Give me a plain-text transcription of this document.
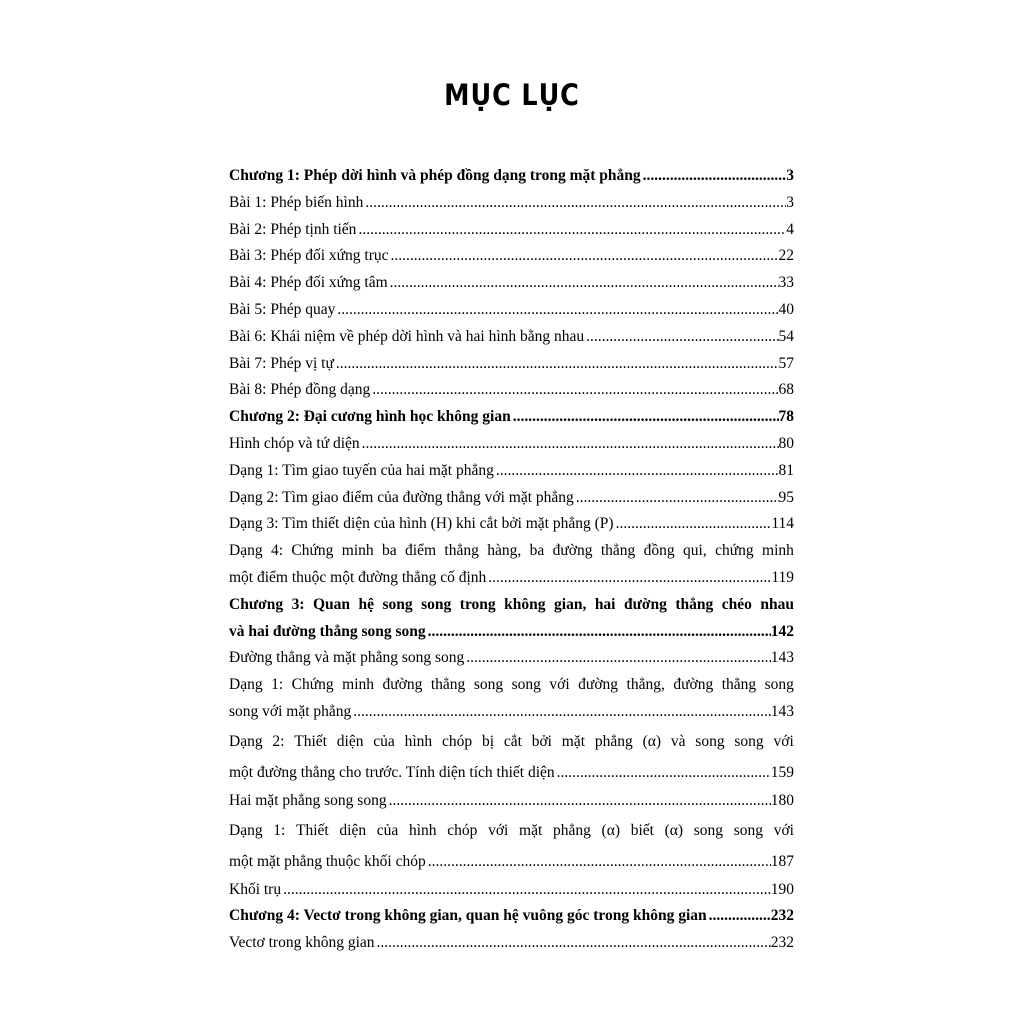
MỤC LỤC
Chương 1: Phép dời hình và phép đồng dạng trong mặt phẳng .....	3
Bài 1: Phép biến hình .....	3
Bài 2: Phép tịnh tiến .....	4
Bài 3: Phép đối xứng trục .....	22
Bài 4: Phép đối xứng tâm .....	33
Bài 5: Phép quay .....	40
Bài 6: Khái niệm về phép dời hình và hai hình bằng nhau .....	54
Bài 7: Phép vị tự .....	57
Bài 8: Phép đồng dạng .....	68
Chương 2: Đại cương hình học không gian .....	78
Hình chóp và tứ diện .....	80
Dạng 1: Tìm giao tuyến của hai mặt phẳng .....	81
Dạng 2: Tìm giao điểm của đường thẳng với mặt phẳng .....	95
Dạng 3: Tìm thiết diện của hình (H) khi cắt bởi mặt phẳng (P) .....	114
Dạng 4: Chứng minh ba điểm thẳng hàng, ba đường thẳng đồng qui, chứng minh
một điểm thuộc một đường thẳng cố định .....	119
Chương 3: Quan hệ song song trong không gian, hai đường thẳng chéo nhau
và hai đường thẳng song song .....	142
Đường thẳng và mặt phẳng song song .....	143
Dạng 1: Chứng minh đường thẳng song song với đường thẳng, đường thẳng song
song với mặt phẳng .....	143
Dạng 2: Thiết diện của hình chóp bị cắt bởi mặt phẳng (α) và song song với
một đường thẳng cho trước. Tính diện tích thiết diện .....	159
Hai mặt phẳng song song .....	180
Dạng 1: Thiết diện của hình chóp với mặt phẳng (α) biết (α) song song với
một mặt phẳng thuộc khối chóp .....	187
Khối trụ .....	190
Chương 4: Vectơ trong không gian, quan hệ vuông góc trong không gian .....	232
Vectơ trong không gian .....	232
